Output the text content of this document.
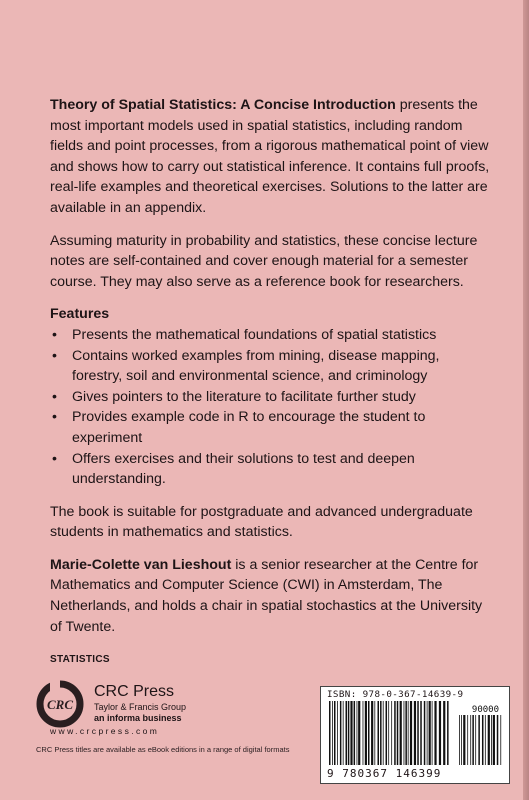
Theory of Spatial Statistics: A Concise Introduction presents the most important models used in spatial statistics, including random fields and point processes, from a rigorous mathematical point of view and shows how to carry out statistical inference. It contains full proofs, real-life examples and theoretical exercises. Solutions to the latter are available in an appendix.

Assuming maturity in probability and statistics, these concise lecture notes are self-contained and cover enough material for a semester course. They may also serve as a reference book for researchers.

Features
• Presents the mathematical foundations of spatial statistics
• Contains worked examples from mining, disease mapping, forestry, soil and environmental science, and criminology
• Gives pointers to the literature to facilitate further study
• Provides example code in R to encourage the student to experiment
• Offers exercises and their solutions to test and deepen understanding.

The book is suitable for postgraduate and advanced undergraduate students in mathematics and statistics.

Marie-Colette van Lieshout is a senior researcher at the Centre for Mathematics and Computer Science (CWI) in Amsterdam, The Netherlands, and holds a chair in spatial stochastics at the University of Twente.

STATISTICS
CRC
CRC Press
Taylor & Francis Group
an informa business
www.crcpress.com
CRC Press titles are available as eBook editions in a range of digital formats
ISBN: 978-0-367-14639-9
90000
9 780367 146399
